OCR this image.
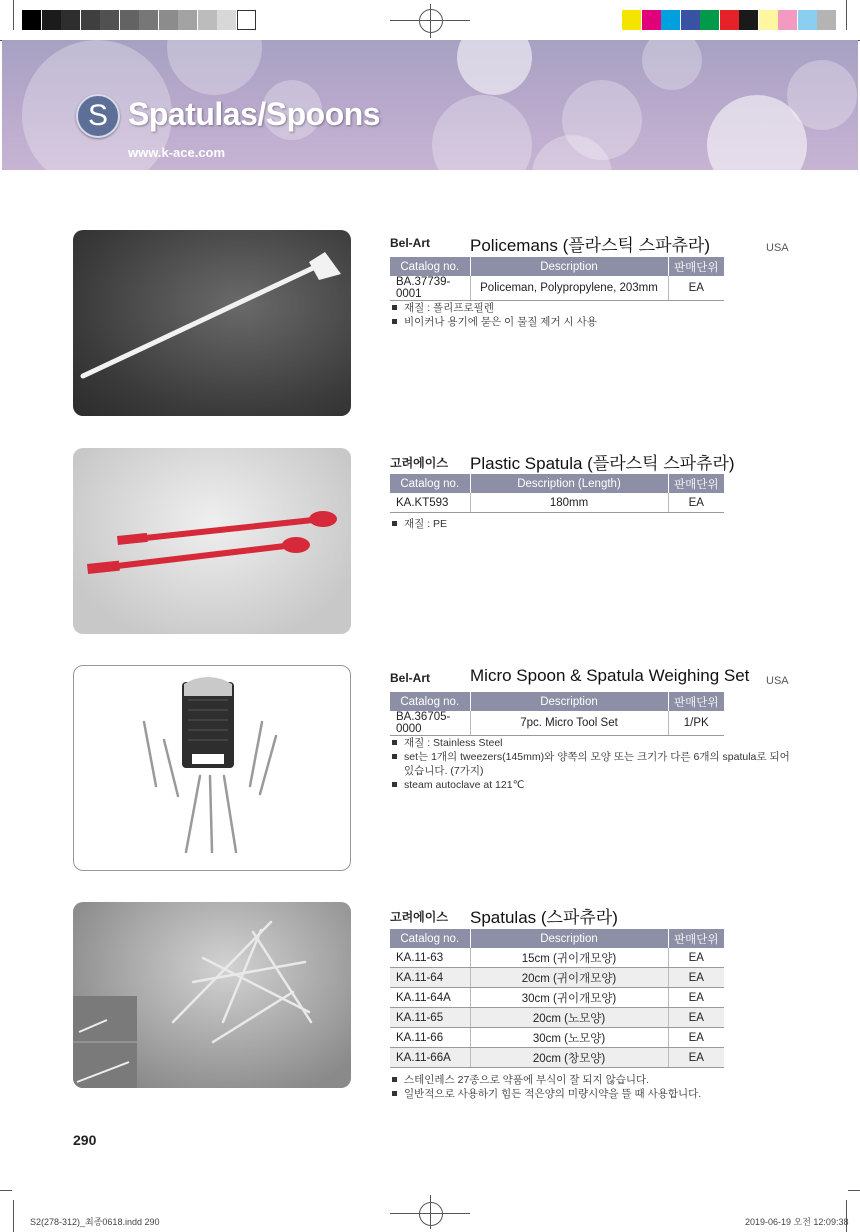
S Spatulas/Spoons
www.k-ace.com
Bel-Art Policemans (플라스틱 스파츄라)	USA
Catalog no.	Description	판매단위
BA.37739-0001	Policeman, Polypropylene, 203mm	EA
재질 : 폴리프로필렌
비이커나 용기에 묻은 이 물질 제거 시 사용
고려에이스 Plastic Spatula (플라스틱 스파츄라)
Catalog no.	Description (Length)	판매단위
KA.KT593	180mm	EA
재질 : PE
Bel-Art Micro Spoon & Spatula Weighing Set USA
Catalog no.	Description	판매단위
BA.36705-0000	7pc. Micro Tool Set	1/PK
재질 : Stainless Steel
set는 1개의 tweezers(145mm)와 양쪽의 모양 또는 크기가 다른 6개의 spatula로 되어있습니다. (7가지)
steam autoclave at 121℃
고려에이스 Spatulas (스파츄라)
Catalog no.	Description	판매단위
KA.11-63	15cm (귀이개모양)	EA
KA.11-64	20cm (귀이개모양)	EA
KA.11-64A	30cm (귀이개모양)	EA
KA.11-65	20cm (노모양)	EA
KA.11-66	30cm (노모양)	EA
KA.11-66A	20cm (창모양)	EA
스테인레스 27종으로 약품에 부식이 잘 되지 않습니다.
일반적으로 사용하기 힘든 적은양의 미량시약을 뜰 때 사용합니다.
290
S2(278-312)_최종0618.indd 290	2019-06-19 오전 12:09:38
